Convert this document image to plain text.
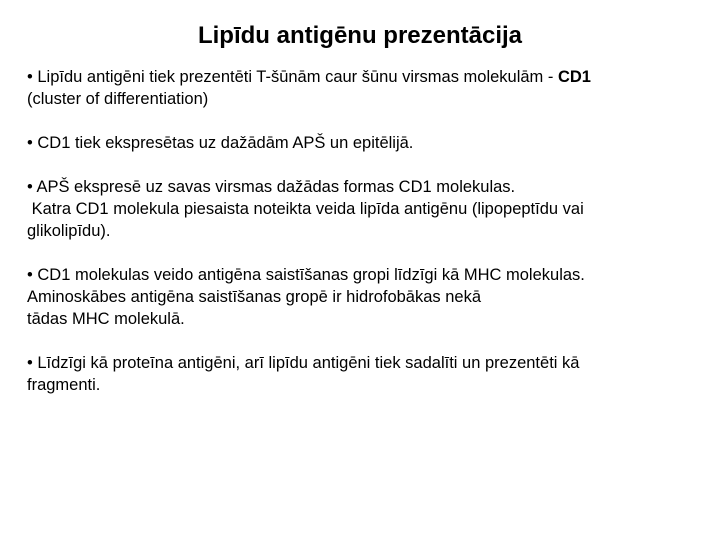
Lipīdu antigēnu prezentācija

• Lipīdu antigēni tiek prezentēti T-šūnām caur šūnu virsmas molekulām - CD1
(cluster of differentiation)

• CD1 tiek ekspresētas uz dažādām APŠ un epitēlijā.

• APŠ ekspresē uz savas virsmas dažādas formas CD1 molekulas.
Katra CD1 molekula piesaista noteikta veida lipīda antigēnu (lipopeptīdu vai
glikolipīdu).

• CD1 molekulas veido antigēna saistīšanas gropi līdzīgi kā MHC molekulas.
Aminoskābes antigēna saistīšanas gropē ir hidrofobākas nekā
tādas MHC molekulā.

• Līdzīgi kā proteīna antigēni, arī lipīdu antigēni tiek sadalīti un prezentēti kā
fragmenti.
